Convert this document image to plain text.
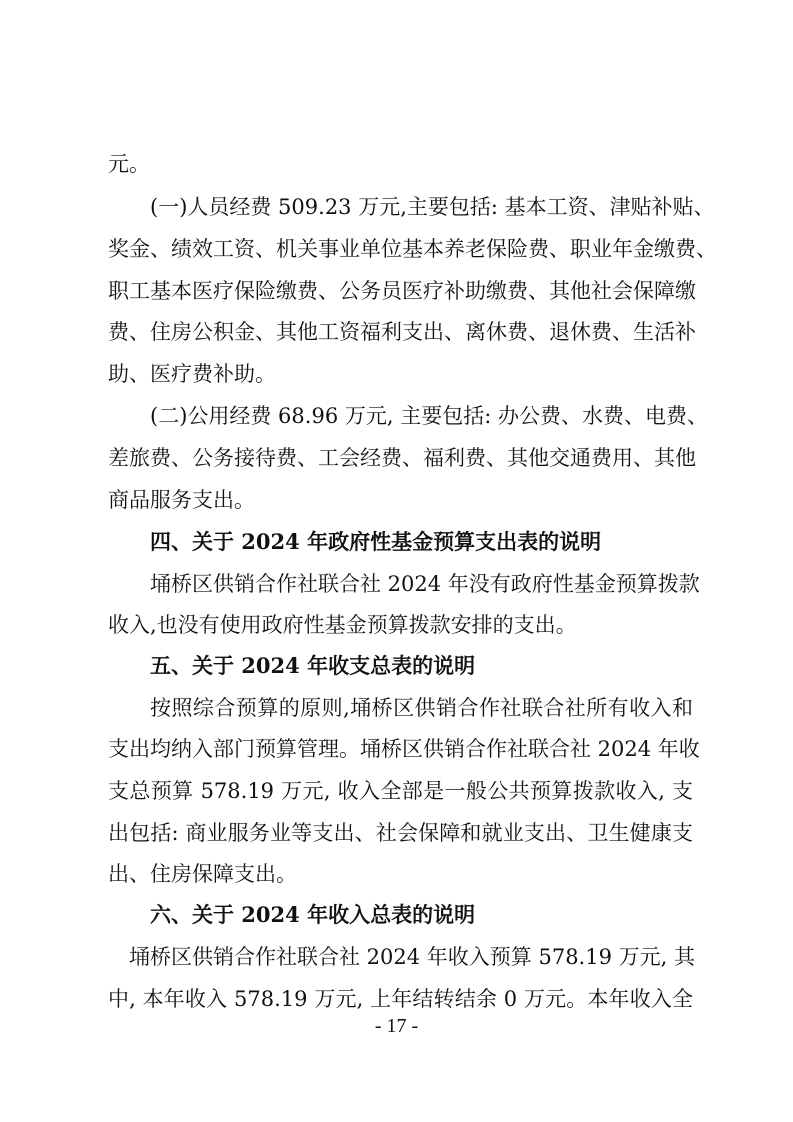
元。
(一)人员经费 509.23 万元,主要包括: 基本工资、津贴补贴、
奖金、绩效工资、机关事业单位基本养老保险费、职业年金缴费、
职工基本医疗保险缴费、公务员医疗补助缴费、其他社会保障缴
费、住房公积金、其他工资福利支出、离休费、退休费、生活补
助、医疗费补助。
(二)公用经费 68.96 万元, 主要包括: 办公费、水费、电费、
差旅费、公务接待费、工会经费、福利费、其他交通费用、其他
商品服务支出。
四、关于 2024 年政府性基金预算支出表的说明
埇桥区供销合作社联合社 2024 年没有政府性基金预算拨款
收入,也没有使用政府性基金预算拨款安排的支出。
五、关于 2024 年收支总表的说明
按照综合预算的原则,埇桥区供销合作社联合社所有收入和
支出均纳入部门预算管理。埇桥区供销合作社联合社 2024 年收
支总预算 578.19 万元, 收入全部是一般公共预算拨款收入, 支
出包括: 商业服务业等支出、社会保障和就业支出、卫生健康支
出、住房保障支出。
六、关于 2024 年收入总表的说明
埇桥区供销合作社联合社 2024 年收入预算 578.19 万元, 其
中, 本年收入 578.19 万元, 上年结转结余 0 万元。本年收入全
- 17 -
